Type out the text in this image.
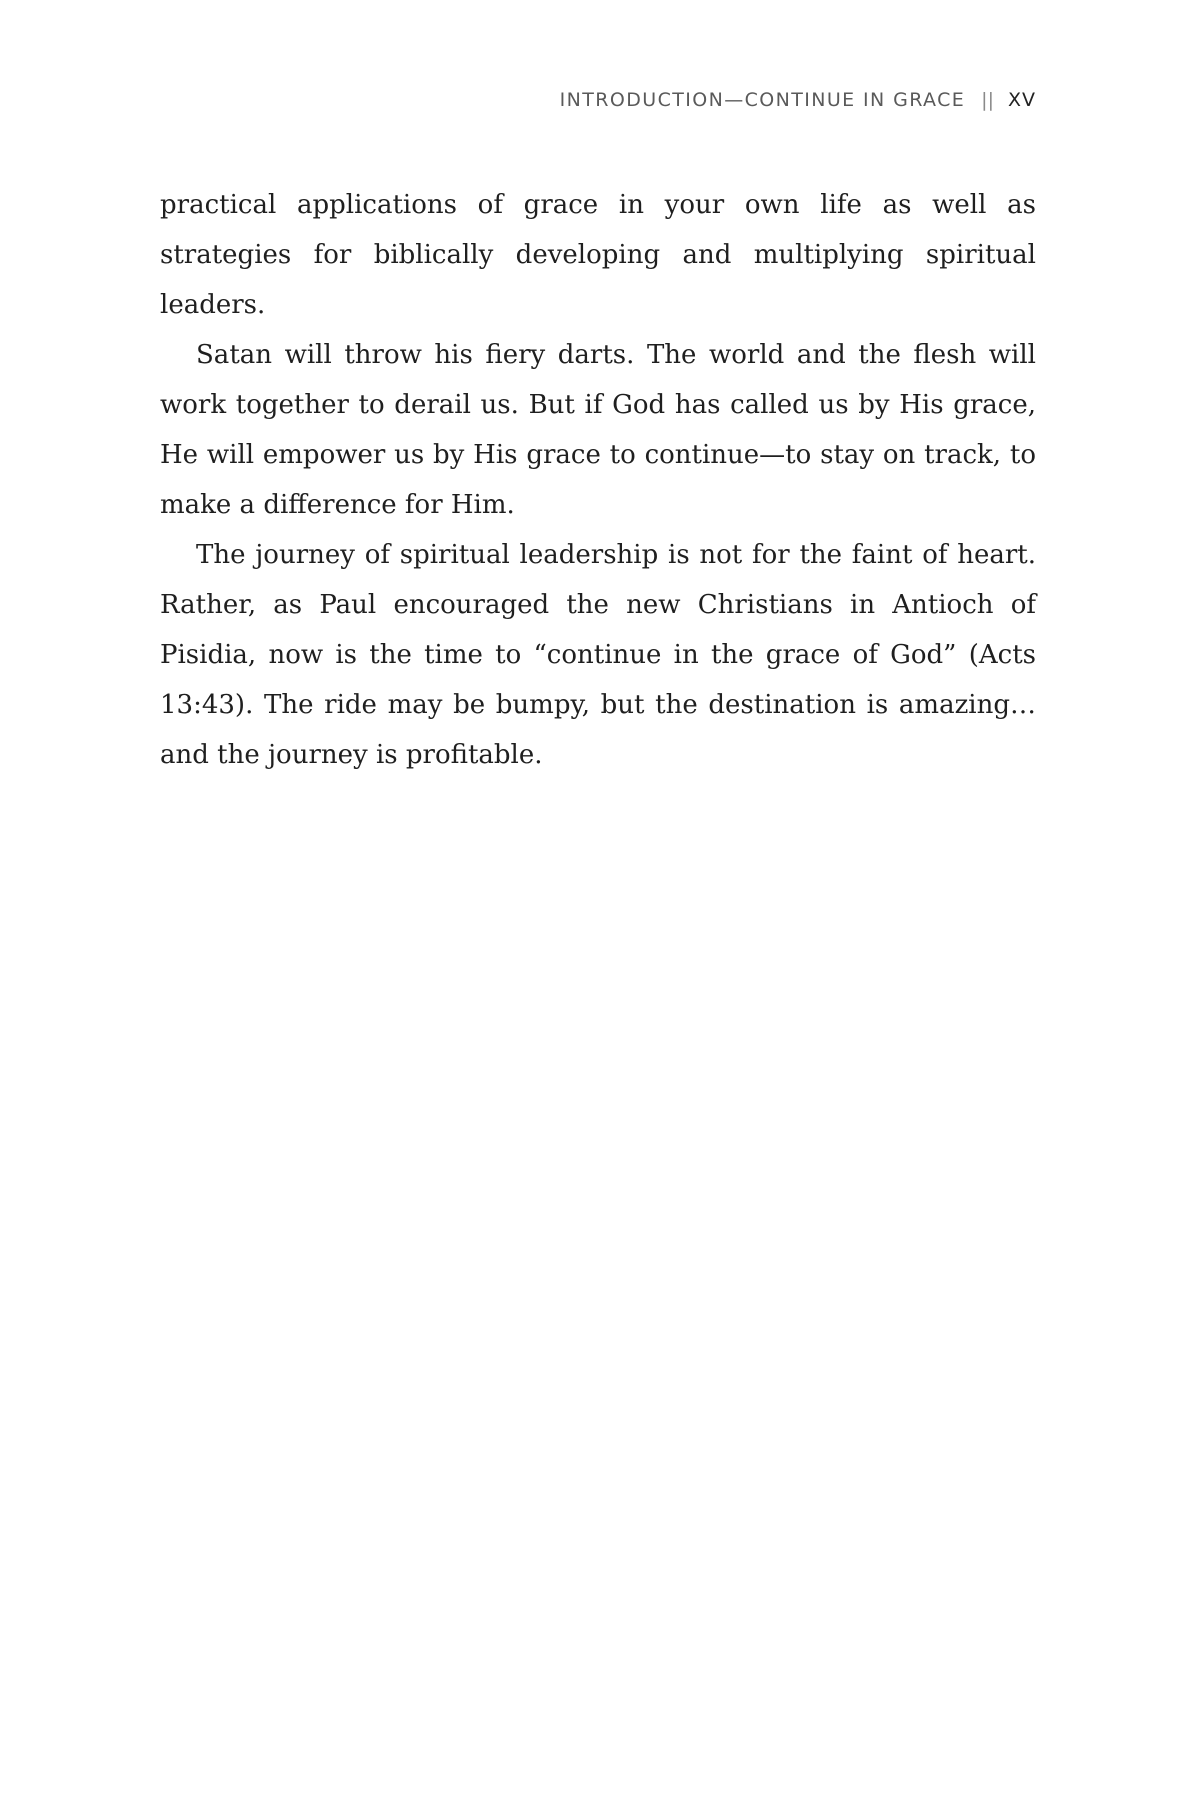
INTRODUCTION—CONTINUE IN GRACE || XV

practical applications of grace in your own life as well as strategies for biblically developing and multiplying spiritual leaders.

Satan will throw his fiery darts. The world and the flesh will work together to derail us. But if God has called us by His grace, He will empower us by His grace to continue—to stay on track, to make a difference for Him.

The journey of spiritual leadership is not for the faint of heart. Rather, as Paul encouraged the new Christians in Antioch of Pisidia, now is the time to “continue in the grace of God” (Acts 13:43). The ride may be bumpy, but the destination is amazing…and the journey is profitable.
